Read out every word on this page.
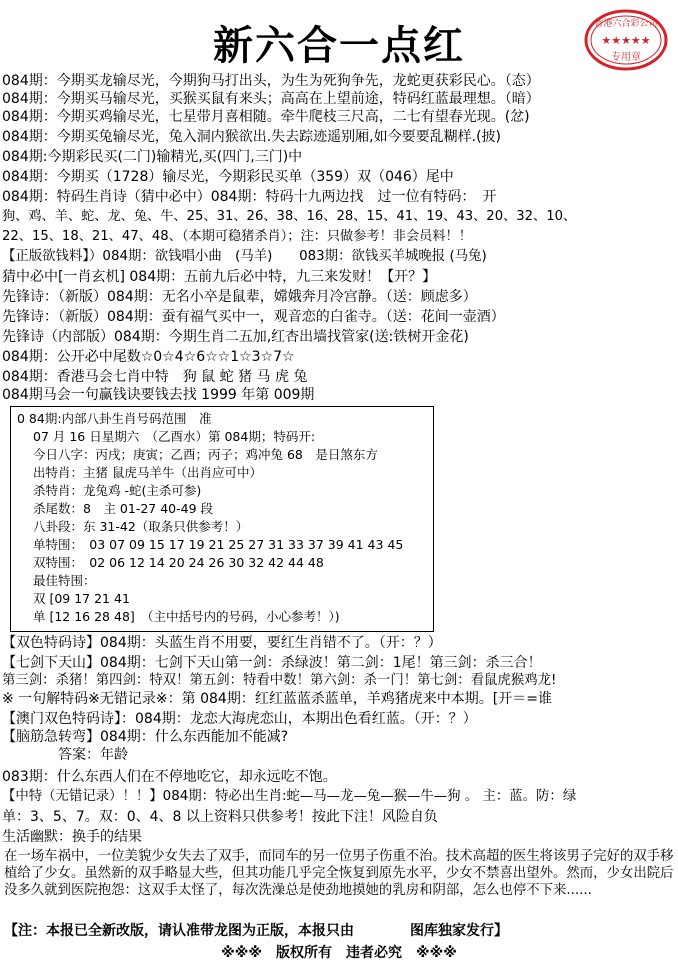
新六合一点红	香港六合彩公司
★★★★★
专用章
084期：今期买龙输尽光，今期狗马打出头，为生为死狗争先，龙蛇更获彩民心。（态）
084期：今期买马输尽光，买猴买鼠有来头；高高在上望前途，特码红蓝最理想。（暗）
084期：今期买鸡输尽光，七星带月喜相随。牵牛爬枝三尺高，二七有望春光现。(忿)
084期：今期买兔输尽光，兔入洞内猴欲出.失去踪迹遥别厢,如今要要乱糊样.(披)
084期:今期彩民买(二门)输精光,买(四门,三门)中
084期：今期买（1728）输尽光，今期彩民买单（359）双（046）尾中
084期：特码生肖诗（猜中必中）084期：特码十九两边找　过一位有特码：　开
狗、鸡、羊、蛇、龙、兔、牛、25、31、26、38、16、28、15、41、19、43、20、32、10、
22、15、18、21、47、48、（本期可稳猪杀肖）；注：只做参考！非会员料！！
【正版欲钱料】）084期：欲钱唱小曲　(马羊)　　083期：欲钱买羊城晚报 (马兔)
猜中必中[一肖玄机] 084期：五前九后必中特，九三来发财！【开？】
先锋诗：（新版）084期：无名小卒是鼠辈，嫦娥奔月冷宫静。（送：顾虑多）
先锋诗：（新版）084期：蚕有福气买中一，观音恋的白雀寺。（送：花间一壶酒）
先锋诗（内部版）084期：今期生肖二五加,红杏出墙找管家(送:铁树开金花)
084期：公开必中尾数☆0☆4☆6☆☆1☆3☆7☆
084期：香港马会七肖中特　狗 鼠 蛇 猪 马 虎 兔
084期马会一句赢钱诀要钱去找 1999 年第 009期
0 84期:内部八卦生肖号码范围　准
07 月 16 日星期六　（乙酉水）第 084期；特码开:
今日八字：丙戌；庚寅；乙酉；丙子；鸡冲兔 68　是日煞东方
出特肖：主猪 鼠虎马羊牛（出肖应可中）
杀特肖：龙兔鸡 -蛇(主杀可参)
杀尾数：8　主 01-27 40-49 段
八卦段：东 31-42（取条只供参考！）
单特围：　03 07 09 15 17 19 21 25 27 31 33 37 39 41 43 45
双特围：　02 06 12 14 20 24 26 30 32 42 44 48
最佳特围：
双 [09 17 21 41
单 [12 16 28 48]　（主中括号内的号码，小心参考！）)
【双色特码诗】084期：头蓝生肖不用要，要红生肖错不了。（开：？）
【七剑下天山】084期：七剑下天山第一剑：杀绿波！第二剑：1尾！第三剑：杀三合！
第三剑：杀猪！第四剑：特双！第五剑：特看中数！第六剑：杀一门！第七剑：看鼠虎猴鸡龙!
※ 一句解特码※无错记录※：第 084期：红红蓝蓝杀蓝单，羊鸡猪虎来中本期。[开＝=谁
【澳门双色特码诗】：084期：龙恋大海虎恋山，本期出色看红蓝。（开：？）
【脑筋急转弯】084期：什么东西能加不能减?
　　　　答案：年龄
083期：什么东西人们在不停地吃它，却永远吃不饱。
【中特（无错记录）！！】084期：特必出生肖:蛇—马—龙—兔—猴—牛—狗 。 主：蓝。防：绿
单：3、5、7。双：0、4、8 以上资料只供参考！按此下注！风险自负
生活幽默：换手的结果
在一场车祸中，一位美貌少女失去了双手，而同车的另一位男子伤重不治。技术高超的医生将该男子完好的双手移植给了少女。虽然新的双手略显大些，但其功能几乎完全恢复到原先水平，少女不禁喜出望外。然而，少女出院后没多久就到医院抱怨：这双手太怪了，每次洗澡总是使劲地摸她的乳房和阴部，怎么也停不下来......
【注：本报已全新改版，请认准带龙图为正版，本报只由　　　　图库独家发行】
※※※　版权所有　违者必究　※※※
